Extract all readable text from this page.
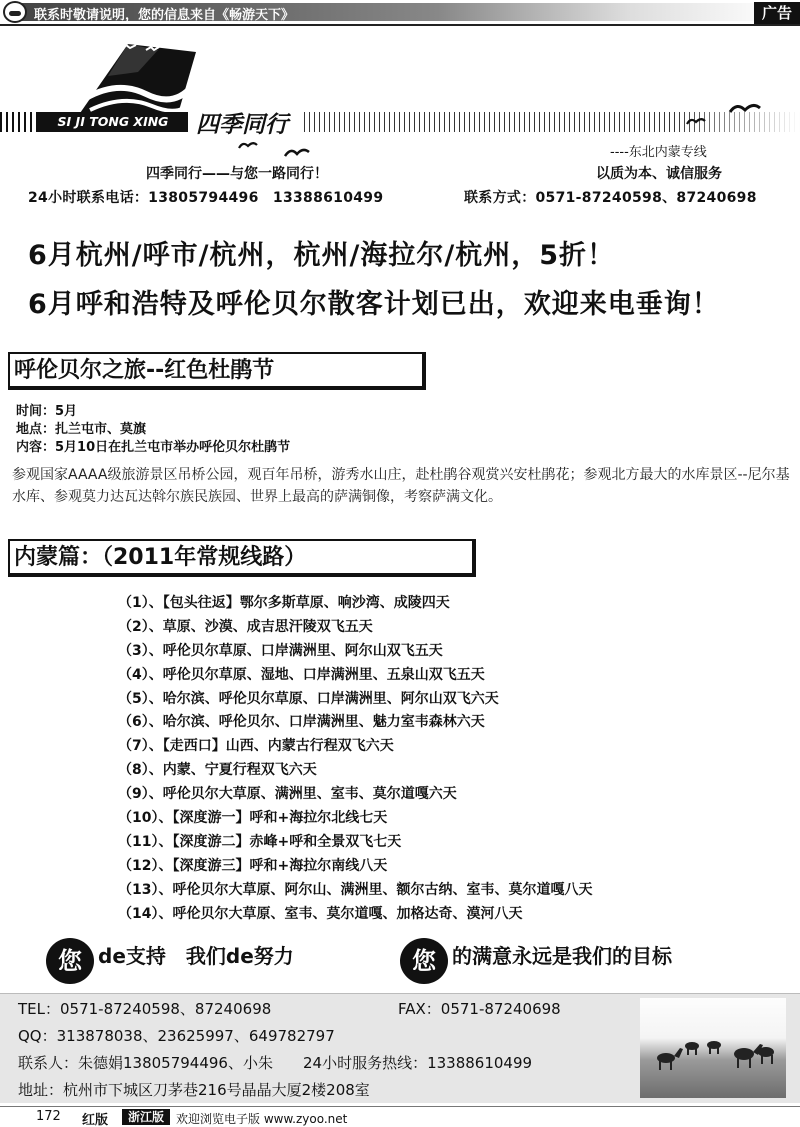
联系时敬请说明，您的信息来自《畅游天下》	广告
SI JI TONG XING	四季同行
----东北内蒙专线
四季同行——与您一路同行！	以质为本、诚信服务
24小时联系电话：13805794496　13388610499	联系方式：0571-87240598、87240698
6月杭州/呼市/杭州，杭州/海拉尔/杭州，5折！
6月呼和浩特及呼伦贝尔散客计划已出，欢迎来电垂询！
呼伦贝尔之旅--红色杜鹃节
时间：5月
地点：扎兰屯市、莫旗
内容：5月10日在扎兰屯市举办呼伦贝尔杜鹃节
参观国家AAAA级旅游景区吊桥公园，观百年吊桥，游秀水山庄，赴杜鹃谷观赏兴安杜鹃花；参观北方最大的水库景区--尼尔基水库、参观莫力达瓦达斡尔族民族园、世界上最高的萨满铜像，考察萨满文化。
内蒙篇：（2011年常规线路）
（1）、【包头往返】鄂尔多斯草原、响沙湾、成陵四天
（2）、草原、沙漠、成吉思汗陵双飞五天
（3）、呼伦贝尔草原、口岸满洲里、阿尔山双飞五天
（4）、呼伦贝尔草原、湿地、口岸满洲里、五泉山双飞五天
（5）、哈尔滨、呼伦贝尔草原、口岸满洲里、阿尔山双飞六天
（6）、哈尔滨、呼伦贝尔、口岸满洲里、魅力室韦森林六天
（7）、【走西口】山西、内蒙古行程双飞六天
（8）、内蒙、宁夏行程双飞六天
（9）、呼伦贝尔大草原、满洲里、室韦、莫尔道嘎六天
（10）、【深度游一】呼和+海拉尔北线七天
（11）、【深度游二】赤峰+呼和全景双飞七天
（12）、【深度游三】呼和+海拉尔南线八天
（13）、呼伦贝尔大草原、阿尔山、满洲里、额尔古纳、室韦、莫尔道嘎八天
（14）、呼伦贝尔大草原、室韦、莫尔道嘎、加格达奇、漠河八天
您 de支持　我们de努力	您 的满意永远是我们的目标
TEL：0571-87240598、87240698	FAX：0571-87240698
QQ：313878038、23625997、649782797
联系人：朱德娟13805794496、小朱　　24小时服务热线：13388610499
地址：杭州市下城区刀茅巷216号晶晶大厦2楼208室
172 红版	浙江版	欢迎浏览电子版 www.zyoo.net
